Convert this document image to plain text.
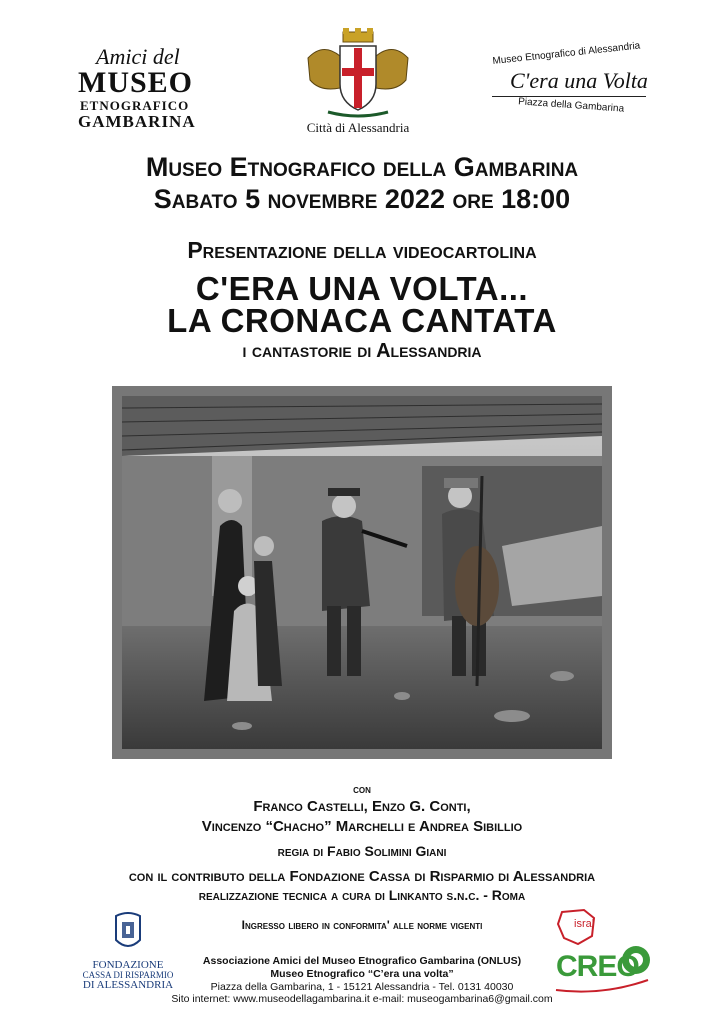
Amici del
MUSEO
ETNOGRAFICO
GAMBARINA	Città di Alessandria
Museo Etnografico di Alessandria
C'era una Volta
Piazza della Gambarina
Museo Etnografico della Gambarina
Sabato 5 novembre 2022 ore 18:00
Presentazione della videocartolina
C'ERA UNA VOLTA...
LA CRONACA CANTATA
i cantastorie di Alessandria
con
Franco Castelli, Enzo G. Conti,
Vincenzo “Chacho” Marchelli e Andrea Sibillio
regia di Fabio Solimini Giani
con il contributo della Fondazione Cassa di Risparmio di Alessandria
realizzazione tecnica a cura di Linkanto s.n.c. - Roma
Ingresso libero in conformita' alle norme vigenti
FONDAZIONE
CASSA DI RISPARMIO
DI ALESSANDRIA
Associazione Amici del Museo Etnografico Gambarina (ONLUS)
Museo Etnografico “C’era una volta”
Piazza della Gambarina, 1 - 15121 Alessandria - Tel. 0131 40030
Sito internet: www.museodellagambarina.it e-mail: museogambarina6@gmail.com
isral
CREO
